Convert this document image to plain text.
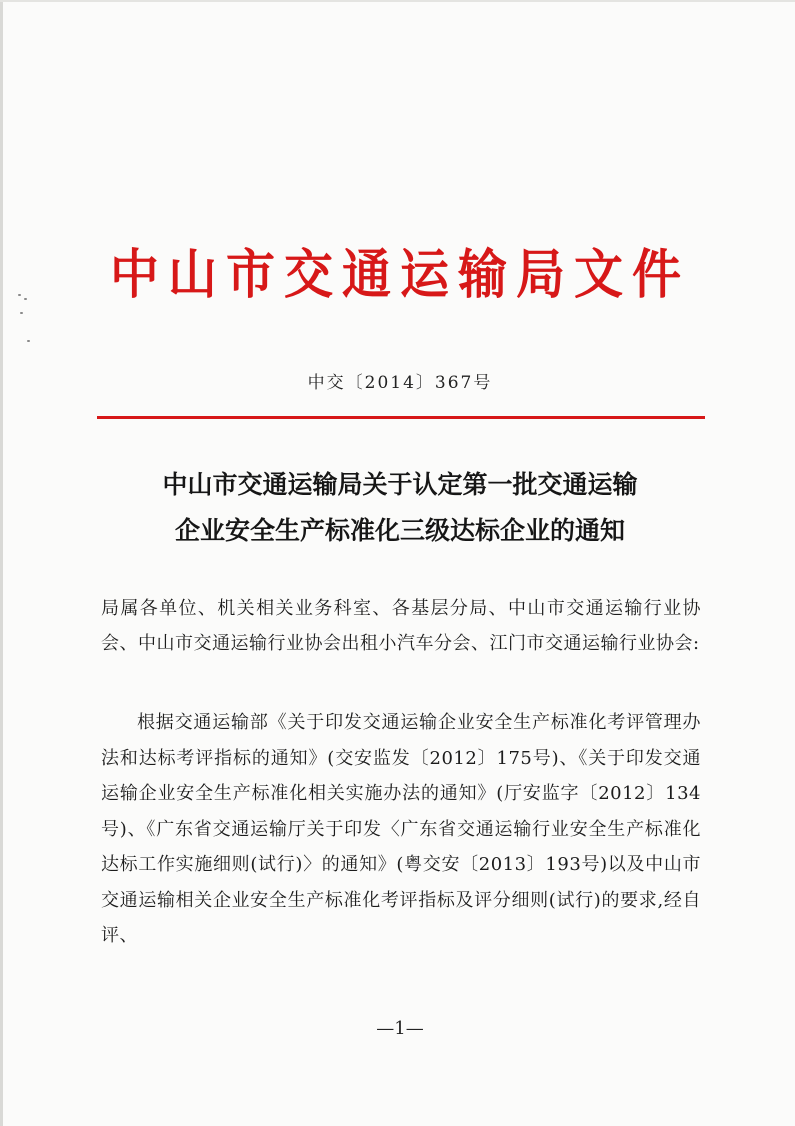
中山市交通运输局文件
中交〔2014〕367号
中山市交通运输局关于认定第一批交通运输
企业安全生产标准化三级达标企业的通知

局属各单位、机关相关业务科室、各基层分局、中山市交通运输行业协会、中山市交通运输行业协会出租小汽车分会、江门市交通运输行业协会:

根据交通运输部《关于印发交通运输企业安全生产标准化考评管理办法和达标考评指标的通知》(交安监发〔2012〕175号)、《关于印发交通运输企业安全生产标准化相关实施办法的通知》(厅安监字〔2012〕134号)、《广东省交通运输厅关于印发〈广东省交通运输行业安全生产标准化达标工作实施细则(试行)〉的通知》(粤交安〔2013〕193号)以及中山市交通运输相关企业安全生产标准化考评指标及评分细则(试行)的要求,经自评、

—1—
